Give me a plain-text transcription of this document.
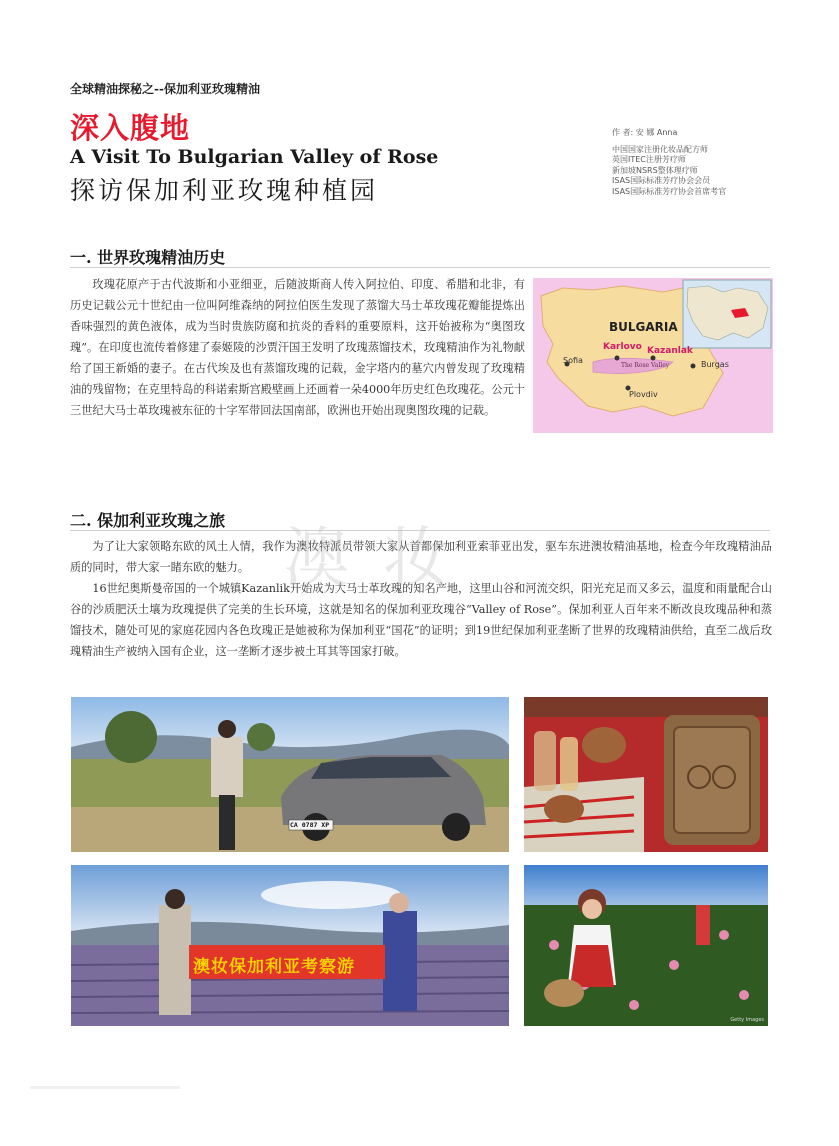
全球精油探秘之--保加利亚玫瑰精油
深入腹地
A Visit To Bulgarian Valley of Rose
探访保加利亚玫瑰种植园
作 者: 安 娜 Anna
中国国家注册化妆品配方师
英国ITEC注册芳疗师
新加坡NSRS整体理疗师
ISAS国际标准芳疗协会会员
ISAS国际标准芳疗协会首席考官
一. 世界玫瑰精油历史

玫瑰花原产于古代波斯和小亚细亚，后随波斯商人传入阿拉伯、印度、希腊和北非，有历史记载公元十世纪由一位叫阿维森纳的阿拉伯医生发现了蒸馏大马士革玫瑰花瓣能提炼出香味强烈的黄色液体，成为当时贵族防腐和抗炎的香料的重要原料，这开始被称为“奥图玫瑰”。在印度也流传着修建了泰姬陵的沙贾汗国王发明了玫瑰蒸馏技术，玫瑰精油作为礼物献给了国王新婚的妻子。在古代埃及也有蒸馏玫瑰的记载，金字塔内的墓穴内曾发现了玫瑰精油的残留物；在克里特岛的科诺索斯宫殿壁画上还画着一朵4000年历史红色玫瑰花。公元十三世纪大马士革玫瑰被东征的十字军带回法国南部，欧洲也开始出现奥图玫瑰的记载。

BULGARIA
Karlovo Kazanlak
The Rose Valley
Sofia	Burgas
Plovdiv
二. 保加利亚玫瑰之旅

为了让大家领略东欧的风土人情，我作为澳妆特派员带领大家从首都保加利亚索菲亚出发，驱车东进澳妆精油基地，检查今年玫瑰精油品质的同时，带大家一睹东欧的魅力。

16世纪奥斯曼帝国的一个城镇Kazanlik开始成为大马士革玫瑰的知名产地，这里山谷和河流交织，阳光充足而又多云，温度和雨量配合山谷的沙质肥沃土壤为玫瑰提供了完美的生长环境，这就是知名的保加利亚玫瑰谷“Valley of Rose”。保加利亚人百年来不断改良玫瑰品种和蒸馏技术，随处可见的家庭花园内各色玫瑰正是她被称为保加利亚“国花”的证明；到19世纪保加利亚垄断了世界的玫瑰精油供给，直至二战后玫瑰精油生产被纳入国有企业，这一垄断才逐步被土耳其等国家打破。

澳妆
CA 0787 XP
澳妆保加利亚考察游
Getty Images
